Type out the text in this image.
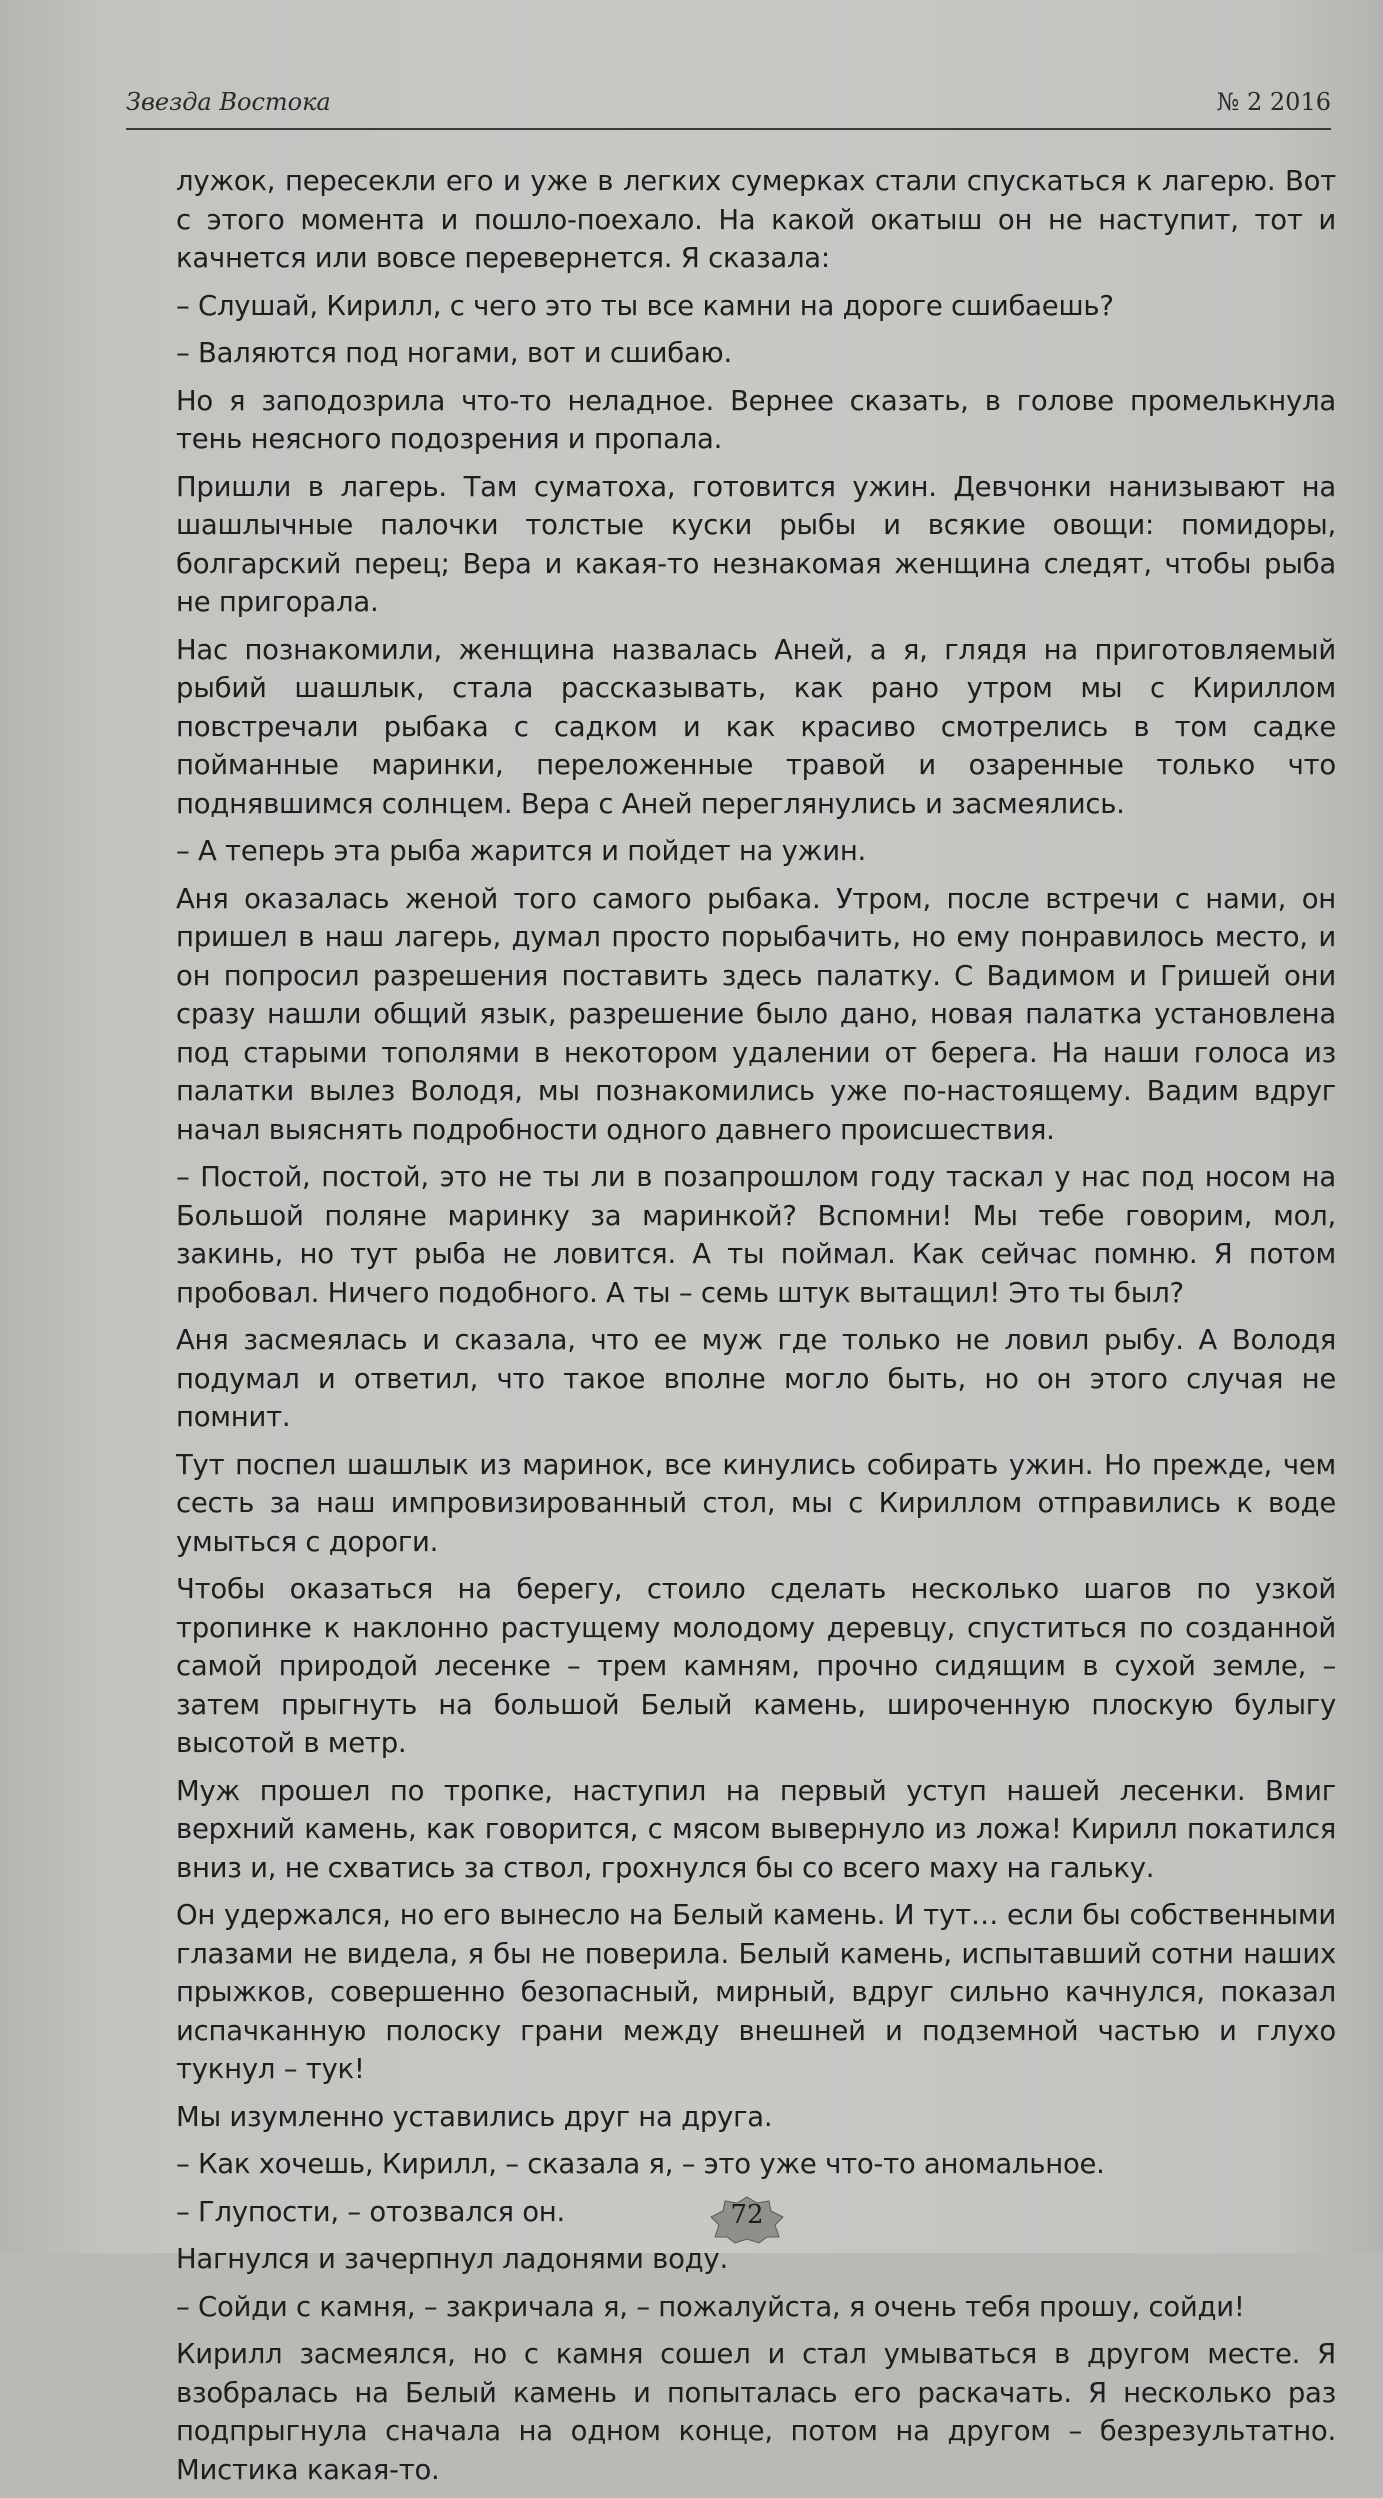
Звезда Востока	№ 2 2016

лужок, пересекли его и уже в легких сумерках стали спускаться к лагерю. Вот с этого момента и пошло-поехало. На какой окатыш он не наступит, тот и качнется или вовсе перевернется. Я сказала:

– Слушай, Кирилл, с чего это ты все камни на дороге сшибаешь?

– Валяются под ногами, вот и сшибаю.

Но я заподозрила что-то неладное. Вернее сказать, в голове промелькнула тень неясного подозрения и пропала.

Пришли в лагерь. Там суматоха, готовится ужин. Девчонки нанизывают на шашлычные палочки толстые куски рыбы и всякие овощи: помидоры, болгарский перец; Вера и какая-то незнакомая женщина следят, чтобы рыба не пригорала.

Нас познакомили, женщина назвалась Аней, а я, глядя на приготовляемый рыбий шашлык, стала рассказывать, как рано утром мы с Кириллом повстречали рыбака с садком и как красиво смотрелись в том садке пойманные маринки, переложенные травой и озаренные только что поднявшимся солнцем. Вера с Аней переглянулись и засмеялись.

– А теперь эта рыба жарится и пойдет на ужин.

Аня оказалась женой того самого рыбака. Утром, после встречи с нами, он пришел в наш лагерь, думал просто порыбачить, но ему понравилось место, и он попросил разрешения поставить здесь палатку. С Вадимом и Гришей они сразу нашли общий язык, разрешение было дано, новая палатка установлена под старыми тополями в некотором удалении от берега. На наши голоса из палатки вылез Володя, мы познакомились уже по-настоящему. Вадим вдруг начал выяснять подробности одного давнего происшествия.

– Постой, постой, это не ты ли в позапрошлом году таскал у нас под носом на Большой поляне маринку за маринкой? Вспомни! Мы тебе говорим, мол, закинь, но тут рыба не ловится. А ты поймал. Как сейчас помню. Я потом пробовал. Ничего подобного. А ты – семь штук вытащил! Это ты был?

Аня засмеялась и сказала, что ее муж где только не ловил рыбу. А Володя подумал и ответил, что такое вполне могло быть, но он этого случая не помнит.

Тут поспел шашлык из маринок, все кинулись собирать ужин. Но прежде, чем сесть за наш импровизированный стол, мы с Кириллом отправились к воде умыться с дороги.

Чтобы оказаться на берегу, стоило сделать несколько шагов по узкой тропинке к наклонно растущему молодому деревцу, спуститься по созданной самой природой лесенке – трем камням, прочно сидящим в сухой земле, – затем прыгнуть на большой Белый камень, широченную плоскую булыгу высотой в метр.

Муж прошел по тропке, наступил на первый уступ нашей лесенки. Вмиг верхний камень, как говорится, с мясом вывернуло из ложа! Кирилл покатился вниз и, не схватись за ствол, грохнулся бы со всего маху на гальку.

Он удержался, но его вынесло на Белый камень. И тут… если бы собственными глазами не видела, я бы не поверила. Белый камень, испытавший сотни наших прыжков, совершенно безопасный, мирный, вдруг сильно качнулся, показал испачканную полоску грани между внешней и подземной частью и глухо тукнул – тук!

Мы изумленно уставились друг на друга.

– Как хочешь, Кирилл, – сказала я, – это уже что-то аномальное.

– Глупости, – отозвался он.

Нагнулся и зачерпнул ладонями воду.

– Сойди с камня, – закричала я, – пожалуйста, я очень тебя прошу, сойди!

Кирилл засмеялся, но с камня сошел и стал умываться в другом месте. Я взобралась на Белый камень и попыталась его раскачать. Я несколько раз подпрыгнула сначала на одном конце, потом на другом – безрезультатно. Мистика какая-то.

72
